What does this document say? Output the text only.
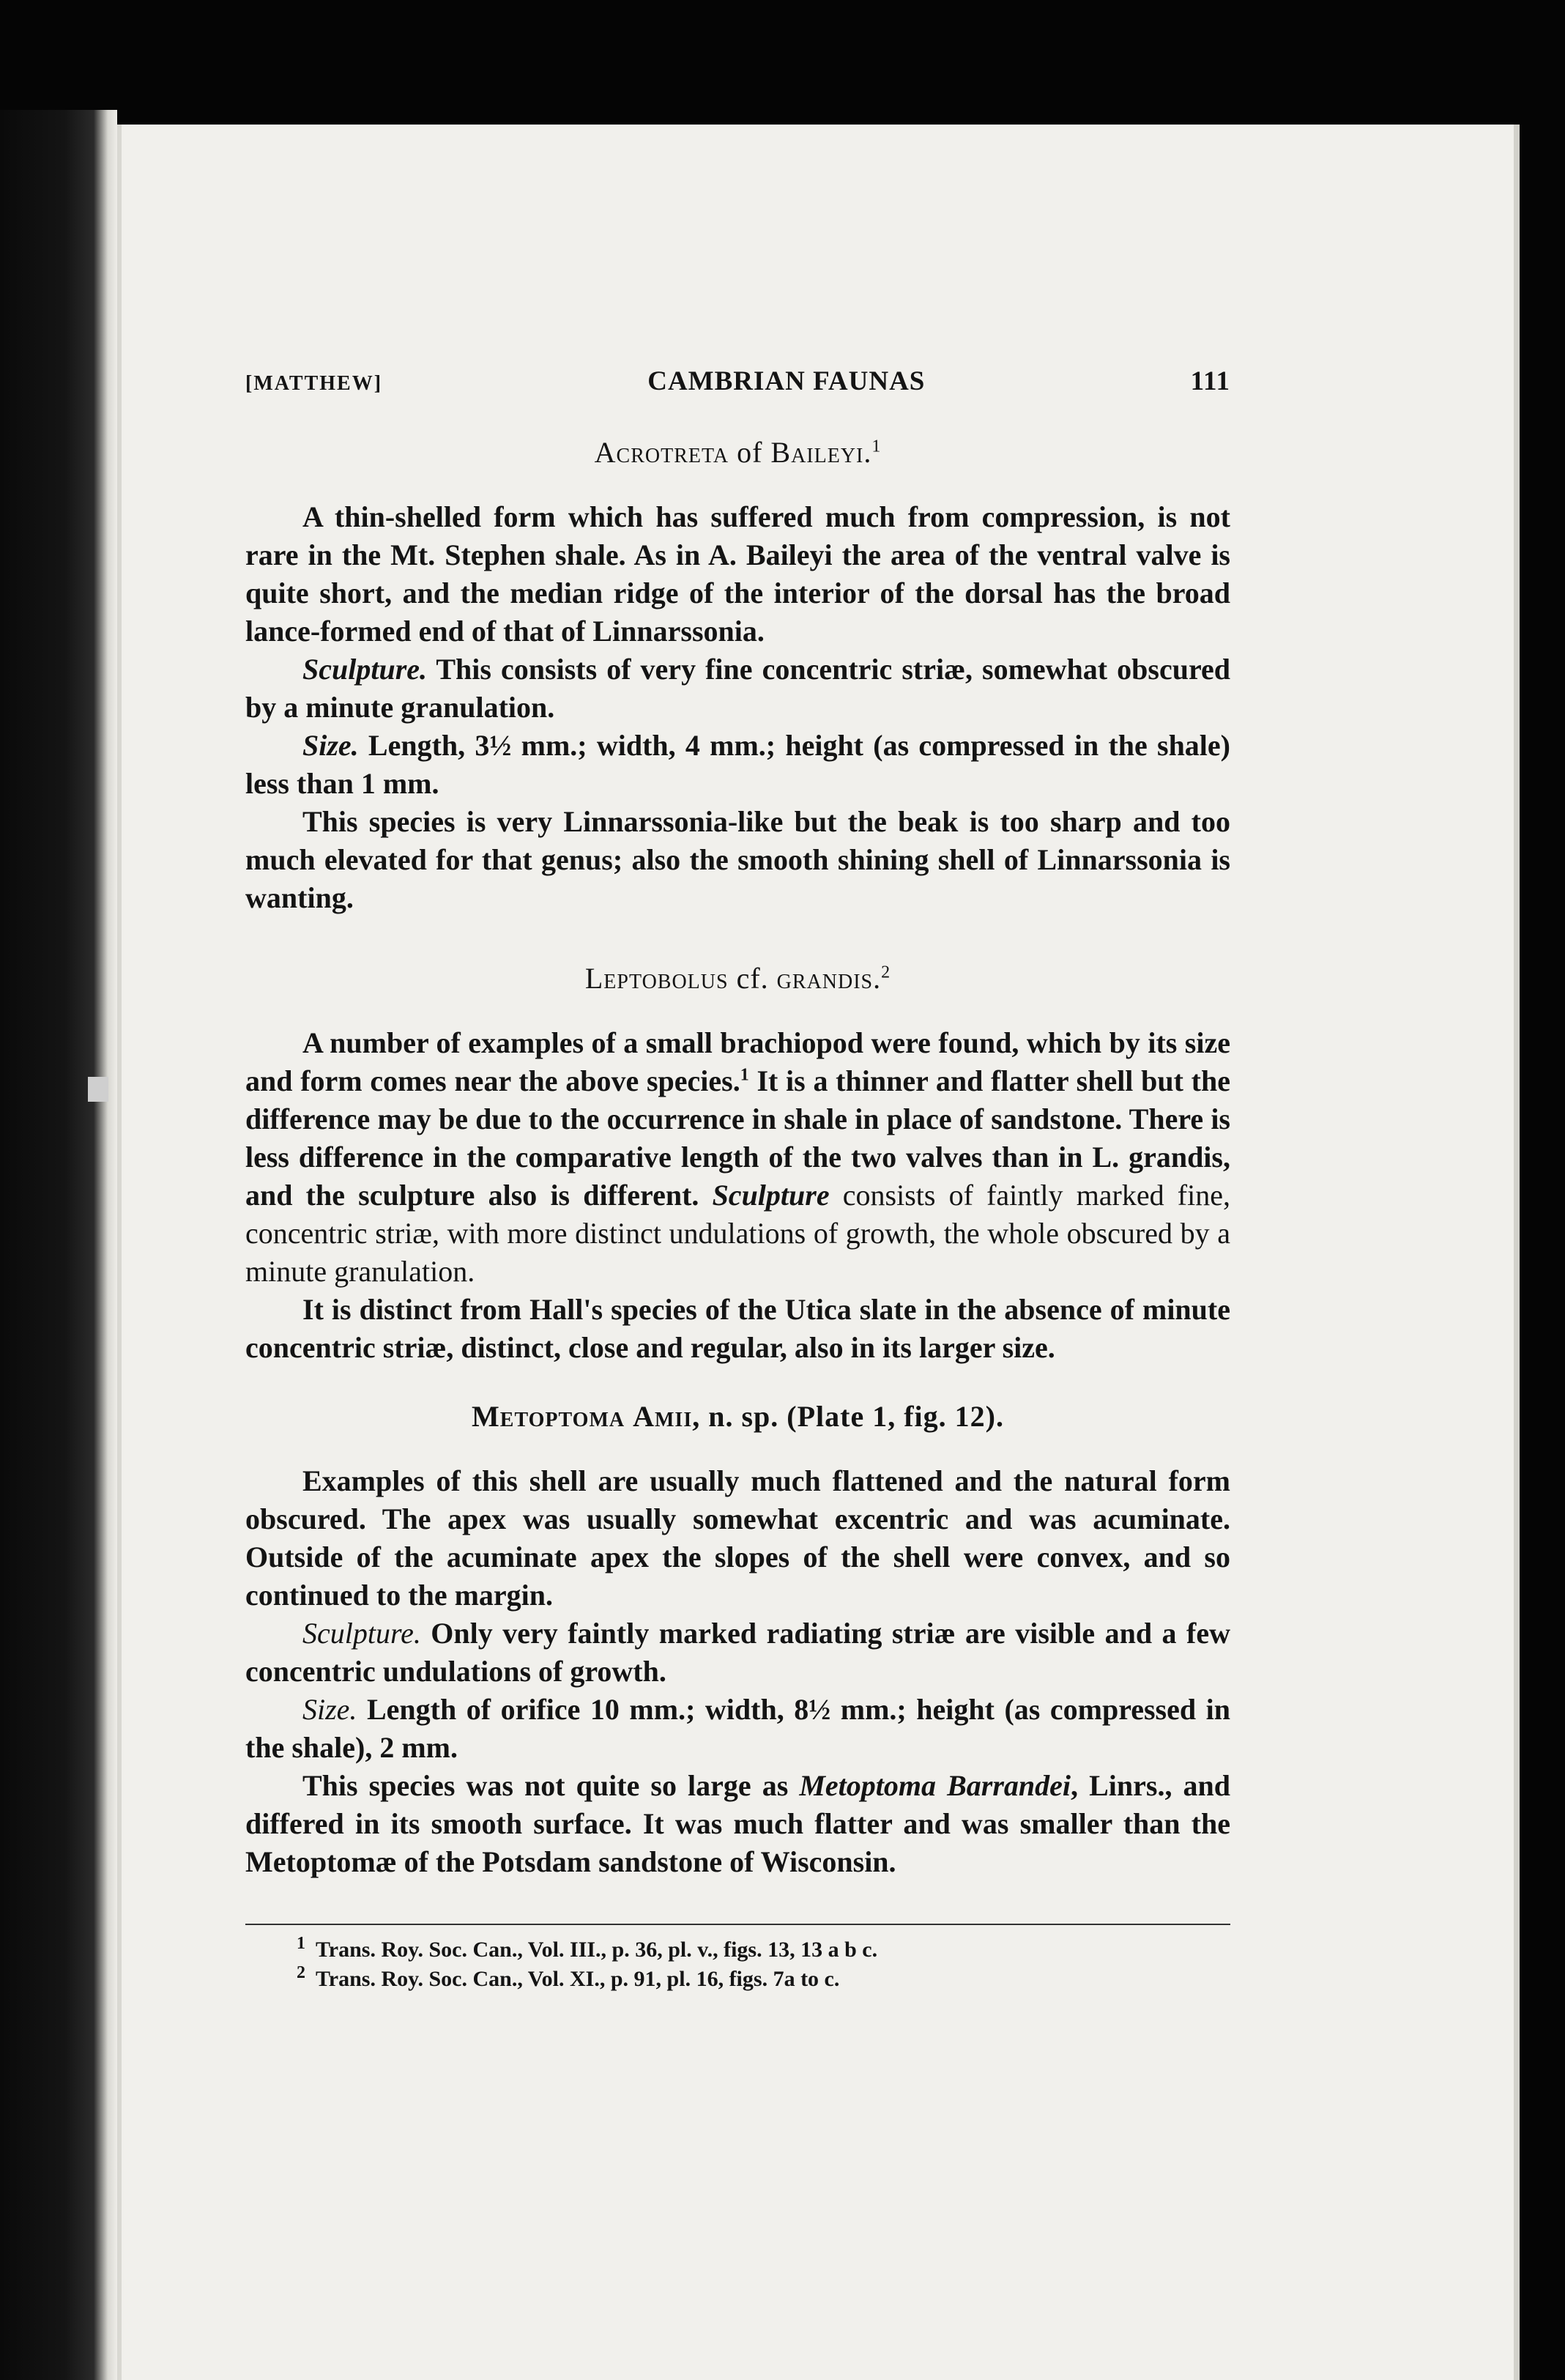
[MATTHEW]	CAMBRIAN FAUNAS	111
Acrotreta of Baileyi.$^1$

A thin-shelled form which has suffered much from compression, is not rare in the Mt. Stephen shale. As in A. Baileyi the area of the ventral valve is quite short, and the median ridge of the interior of the dorsal has the broad lance-formed end of that of Linnarssonia.

Sculpture. This consists of very fine concentric striæ, somewhat obscured by a minute granulation.

Size. Length, 3½ mm.; width, 4 mm.; height (as compressed in the shale) less than 1 mm.

This species is very Linnarssonia-like but the beak is too sharp and too much elevated for that genus; also the smooth shining shell of Linnarssonia is wanting.

Leptobolus cf. grandis.$^2$

A number of examples of a small brachiopod were found, which by its size and form comes near the above species.$^1$ It is a thinner and flatter shell but the difference may be due to the occurrence in shale in place of sandstone. There is less difference in the comparative length of the two valves than in L. grandis, and the sculpture also is different. Sculpture consists of faintly marked fine, concentric striæ, with more distinct undulations of growth, the whole obscured by a minute granulation.

It is distinct from Hall's species of the Utica slate in the absence of minute concentric striæ, distinct, close and regular, also in its larger size.

Metoptoma Amii, n. sp. (Plate 1, fig. 12).

Examples of this shell are usually much flattened and the natural form obscured. The apex was usually somewhat excentric and was acuminate. Outside of the acuminate apex the slopes of the shell were convex, and so continued to the margin.

Sculpture. Only very faintly marked radiating striæ are visible and a few concentric undulations of growth.

Size. Length of orifice 10 mm.; width, 8½ mm.; height (as compressed in the shale), 2 mm.

This species was not quite so large as Metoptoma Barrandei, Linrs., and differed in its smooth surface. It was much flatter and was smaller than the Metoptomæ of the Potsdam sandstone of Wisconsin.

$^1$ Trans. Roy. Soc. Can., Vol. III., p. 36, pl. v., figs. 13, 13 a b c.

$^2$ Trans. Roy. Soc. Can., Vol. XI., p. 91, pl. 16, figs. 7a to c.
